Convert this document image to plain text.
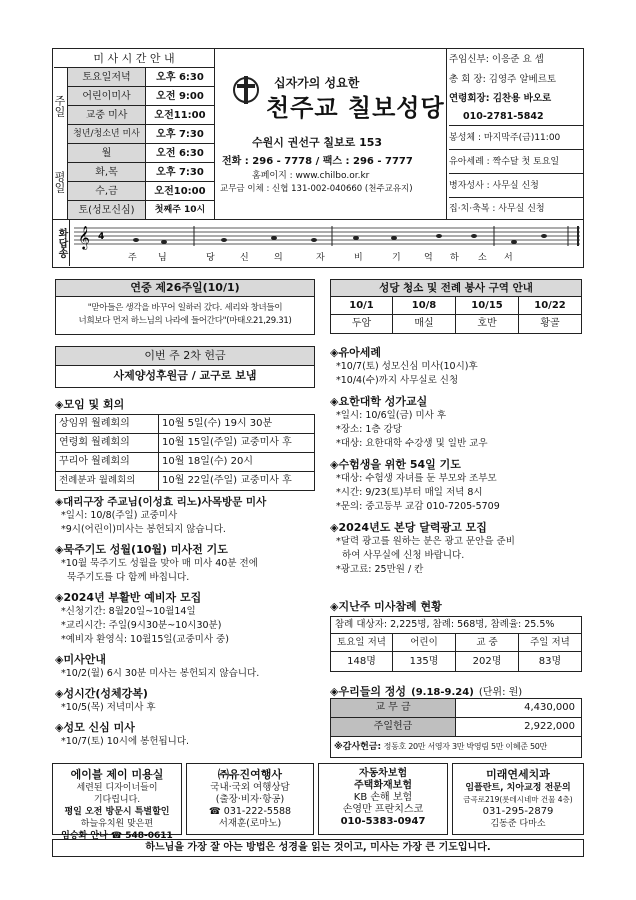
미 사 시 간 안 내
주일
평일
토요일저녁	오후 6:30
어린이미사	오전 9:00
교중 미사	오전11:00
청년/청소년 미사	오후 7:30
월	오전 6:30
화,목	오후 7:30
수,금	오전10:00
토(성모신심)	첫째주 10시
십자가의 성요한
천주교 칠보성당
수원시 권선구 칠보로 153
전화 : 296 - 7778 / 팩스 : 296 - 7777
홈페이지 : www.chilbo.or.kr
교무금 이체 : 신협 131-002-040660 (천주교유지)
주임신부: 이응준 요 셉
총 회 장: 김영주 알베르토
연령회장: 김찬용 바오로
010-2781-5842
봉성체 : 마지막주(금)11:00
유아세례 : 짝수달 첫 토요일
병자성사 : 사무실 신청
집·치·축복 : 사무실 신청
화답송 𝄞 4
주 님	당	신	의	자	비	기	억 하 소 서
연중 제26주일(10/1)
"맏아들은 생각을 바꾸어 일하러 갔다. 세리와 창녀들이
너희보다 먼저 하느님의 나라에 들어간다"(마태오21,29.31)
성당 청소 및 전례 봉사 구역 안내
10/1	10/8	10/15	10/22
두암	매실	호반	황골
이번 주 2차 헌금
사제양성후원금 / 교구로 보냄
◈모임 및 회의
상임위 월례회의	10월 5일(수) 19시 30분
연령회 월례회의	10월 15일(주일) 교중미사 후
꾸리아 월례회의	10월 18일(수) 20시
전례분과 월례회의	10월 22일(주일) 교중미사 후
◈대리구장 주교님(이성효 리노)사목방문 미사
*일시: 10/8(주일) 교중미사
*9시(어린이)미사는 봉헌되지 않습니다.
◈묵주기도 성월(10월) 미사전 기도
*10월 묵주기도 성월을 맞아 매 미사 40분 전에
묵주기도를 다 함께 바칩니다.
◈2024년 부활반 예비자 모집
*신청기간: 8월20일~10월14일
*교리시간: 주일(9시30분~10시30분)
*예비자 환영식: 10월15일(교중미사 중)
◈미사안내
*10/2(월) 6시 30분 미사는 봉헌되지 않습니다.
◈성시간(성체강복)
*10/5(목) 저녁미사 후
◈성모 신심 미사
*10/7(토) 10시에 봉헌됩니다.
◈유아세례
*10/7(토) 성모신심 미사(10시)후
*10/4(수)까지 사무실로 신청
◈요한대학 성가교실
*일시: 10/6일(금) 미사 후
*장소: 1층 강당
*대상: 요한대학 수강생 및 일반 교우
◈수험생을 위한 54일 기도
*대상: 수험생 자녀를 둔 부모와 조부모
*시간: 9/23(토)부터 매일 저녁 8시
*문의: 중고등부 교감 010-7205-5709
◈2024년도 본당 달력광고 모집
*달력 광고를 원하는 분은 광고 문안을 준비
하여 사무실에 신청 바랍니다.
*광고료: 25만원 / 칸
◈지난주 미사참례 현황
참례 대상자: 2,225명, 참례: 568명, 참례율: 25.5%
토요일 저녁	어린이	교 중	주일 저녁
148명	135명	202명	83명
◈우리들의 정성 (9.18-9.24) (단위: 원)
교 무 금	4,430,000
주일헌금	2,922,000
※감사헌금: 정동호 20만 서영자 3만 박영림 5만 이혜준 50만
에이블 제이 미용실
세련된 디자이너들이
기다립니다.
평일 오전 방문시 특별할인
하늘유치원 맞은편
임승화 안나 ☎ 548-0611
㈜유진여행사
국내·국외 여행상담
(출장·비자·항공)
☎ 031-222-5588
서재훈(로마노)
자동차보험
주택화재보험
KB 손해 보험
손영만 프란치스코
010-5383-0947
미래연세치과
임플란트, 치아교정 전문의
금곡로219(롯데시네마 건물 4층)
031-295-2879
김동준 다마소
하느님을 가장 잘 아는 방법은 성경을 읽는 것이고, 미사는 가장 큰 기도입니다.
